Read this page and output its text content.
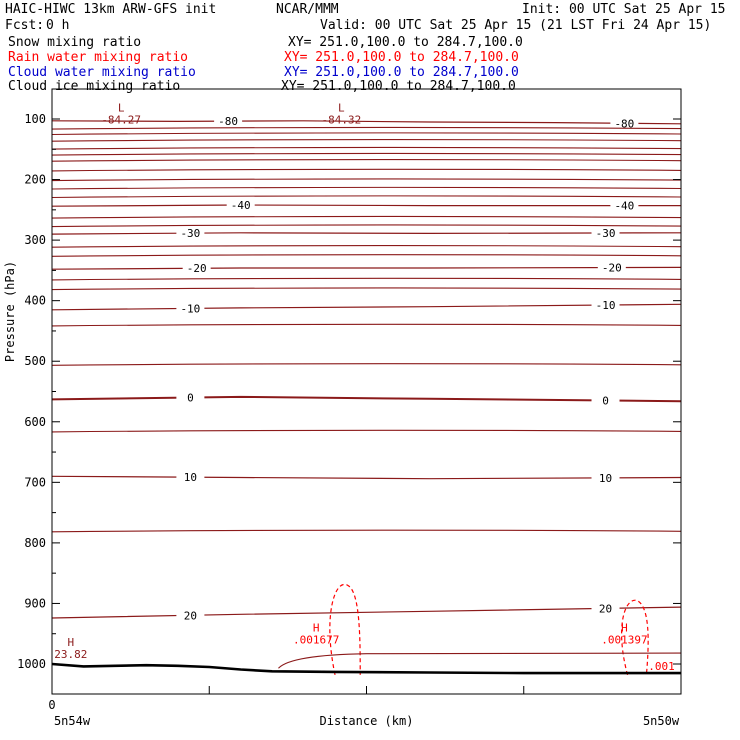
-80	-80
-40	-40
-30	-30
-20	-20
-10	-10
0	0
10	10
20
20
.001
L
-84.27
L
-84.32
H
23.82
H
.001677
H
.001397
100
200
300
400
500
600
700
800
900
1000
0
5n54w	5n50w
Distance (km)
Pressure (hPa)
HAIC-HIWC 13km ARW-GFS init	NCAR/MMM	Init: 00 UTC Sat 25 Apr 15
Fcst: 0 h	Valid: 00 UTC Sat 25 Apr 15 (21 LST Fri 24 Apr 15)
Snow mixing ratio	XY= 251.0,100.0 to 284.7,100.0
Rain water mixing ratio	XY= 251.0,100.0 to 284.7,100.0
Cloud water mixing ratio	XY= 251.0,100.0 to 284.7,100.0
Cloud ice mixing ratio	XY= 251.0,100.0 to 284.7,100.0
